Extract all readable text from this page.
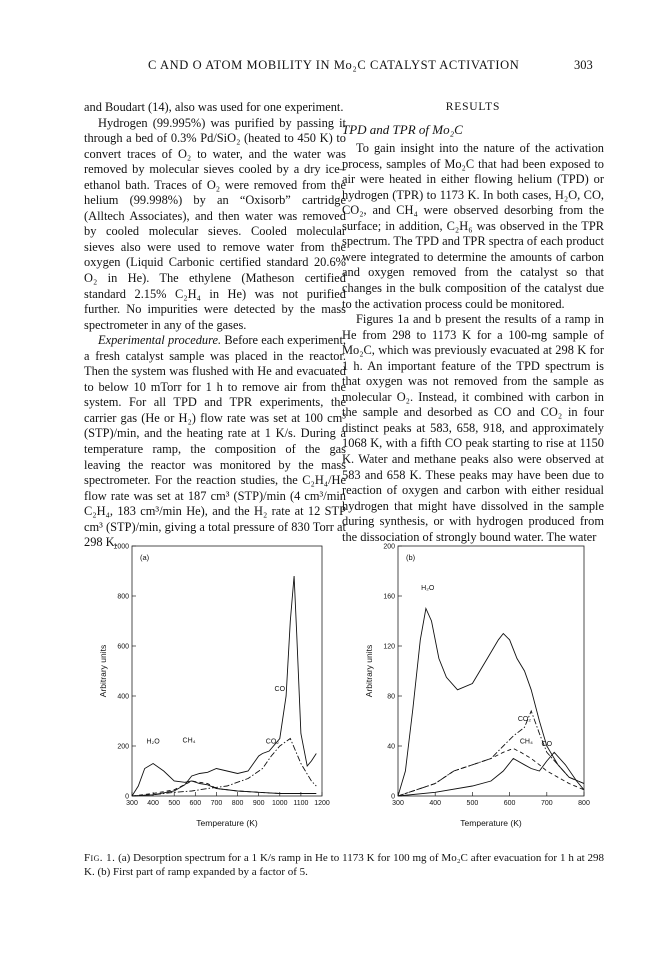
C AND O ATOM MOBILITY IN Mo₂C CATALYST ACTIVATION	303

and Boudart (14), also was used for one experiment.

Hydrogen (99.995%) was purified by passing it through a bed of 0.3% Pd/SiO₂ (heated to 450 K) to convert traces of O₂ to water, and the water was removed by molecular sieves cooled by a dry ice–ethanol bath. Traces of O₂ were removed from the helium (99.998%) by an “Oxisorb” cartridge (Alltech Associates), and then water was removed by cooled molecular sieves. Cooled molecular sieves also were used to remove water from the oxygen (Liquid Carbonic certified standard 20.6% O₂ in He). The ethylene (Matheson certified standard 2.15% C₂H₄ in He) was not purified further. No impurities were detected by the mass spectrometer in any of the gases.

Experimental procedure. Before each experiment, a fresh catalyst sample was placed in the reactor. Then the system was flushed with He and evacuated to below 10 mTorr for 1 h to remove air from the system. For all TPD and TPR experiments, the carrier gas (He or H₂) flow rate was set at 100 cm³ (STP)/min, and the heating rate at 1 K/s. During a temperature ramp, the composition of the gas leaving the reactor was monitored by the mass spectrometer. For the reaction studies, the C₂H₄/He flow rate was set at 187 cm³ (STP)/min (4 cm³/min C₂H₄, 183 cm³/min He), and the H₂ rate at 12 STP cm³ (STP)/min, giving a total pressure of 830 Torr at 298 K.

RESULTS
TPD and TPR of Mo₂C

To gain insight into the nature of the activation process, samples of Mo₂C that had been exposed to air were heated in either flowing helium (TPD) or hydrogen (TPR) to 1173 K. In both cases, H₂O, CO, CO₂, and CH₄ were observed desorbing from the surface; in addition, C₂H₆ was observed in the TPR spectrum. The TPD and TPR spectra of each product were integrated to determine the amounts of carbon and oxygen removed from the catalyst so that changes in the bulk composition of the catalyst due to the activation process could be monitored.

Figures 1a and b present the results of a ramp in He from 298 to 1173 K for a 100-mg sample of Mo₂C, which was previously evacuated at 298 K for 1 h. An important feature of the TPD spectrum is that oxygen was not removed from the sample as molecular O₂. Instead, it combined with carbon in the sample and desorbed as CO and CO₂ in four distinct peaks at 583, 658, 918, and approximately 1068 K, with a fifth CO peak starting to rise at 1150 K. Water and methane peaks also were observed at 583 and 658 K. These peaks may have been due to reaction of oxygen and carbon with either residual hydrogen that might have dissolved in the sample during synthesis, or with hydrogen produced from the dissociation of strongly bound water. The water

300 400 500 600 700 800 900 1000 1100 1200
0
200
400
600
800
1000
(a)
Temperature (K)
Arbitrary units
H₂O	CH₄
CO
CO₂
300	400	500	600	700	800
0
40
80
120
160
200
(b)
Temperature (K)
Arbitrary units
H₂O
CO₂
CH₄ CO
Fig. 1. (a) Desorption spectrum for a 1 K/s ramp in He to 1173 K for 100 mg of Mo₂C after evacuation for 1 h at 298 K. (b) First part of ramp expanded by a factor of 5.
